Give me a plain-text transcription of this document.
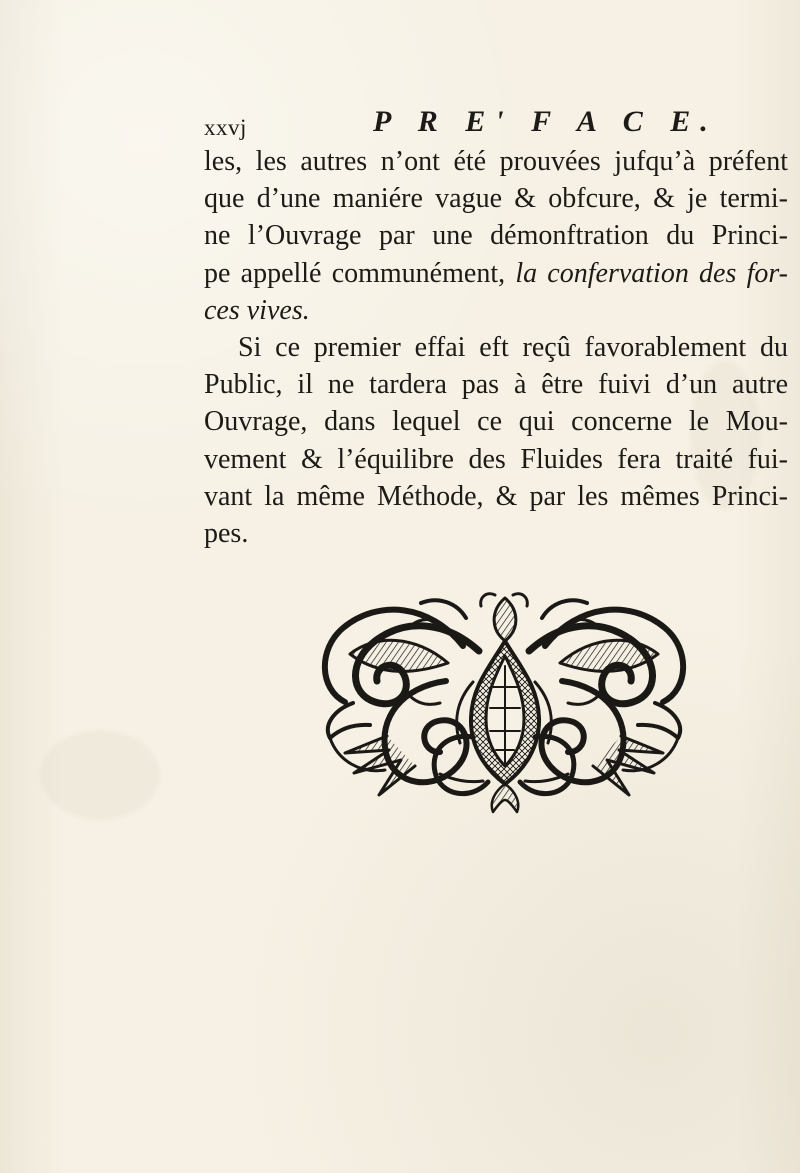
xxvj	P R E' F A C E.
les, les autres n’ont été prouvées jufqu’à préfent
que d’une maniére vague & obfcure, & je termi-
ne l’Ouvrage par une démonftration du Princi-
pe appellé communément, la confervation des for-
ces vives.
Si ce premier effai eft reçû favorablement du
Public, il ne tardera pas à être fuivi d’un autre
Ouvrage, dans lequel ce qui concerne le Mou-
vement & l’équilibre des Fluides fera traité fui-
vant la même Méthode, & par les mêmes Princi-
pes.
